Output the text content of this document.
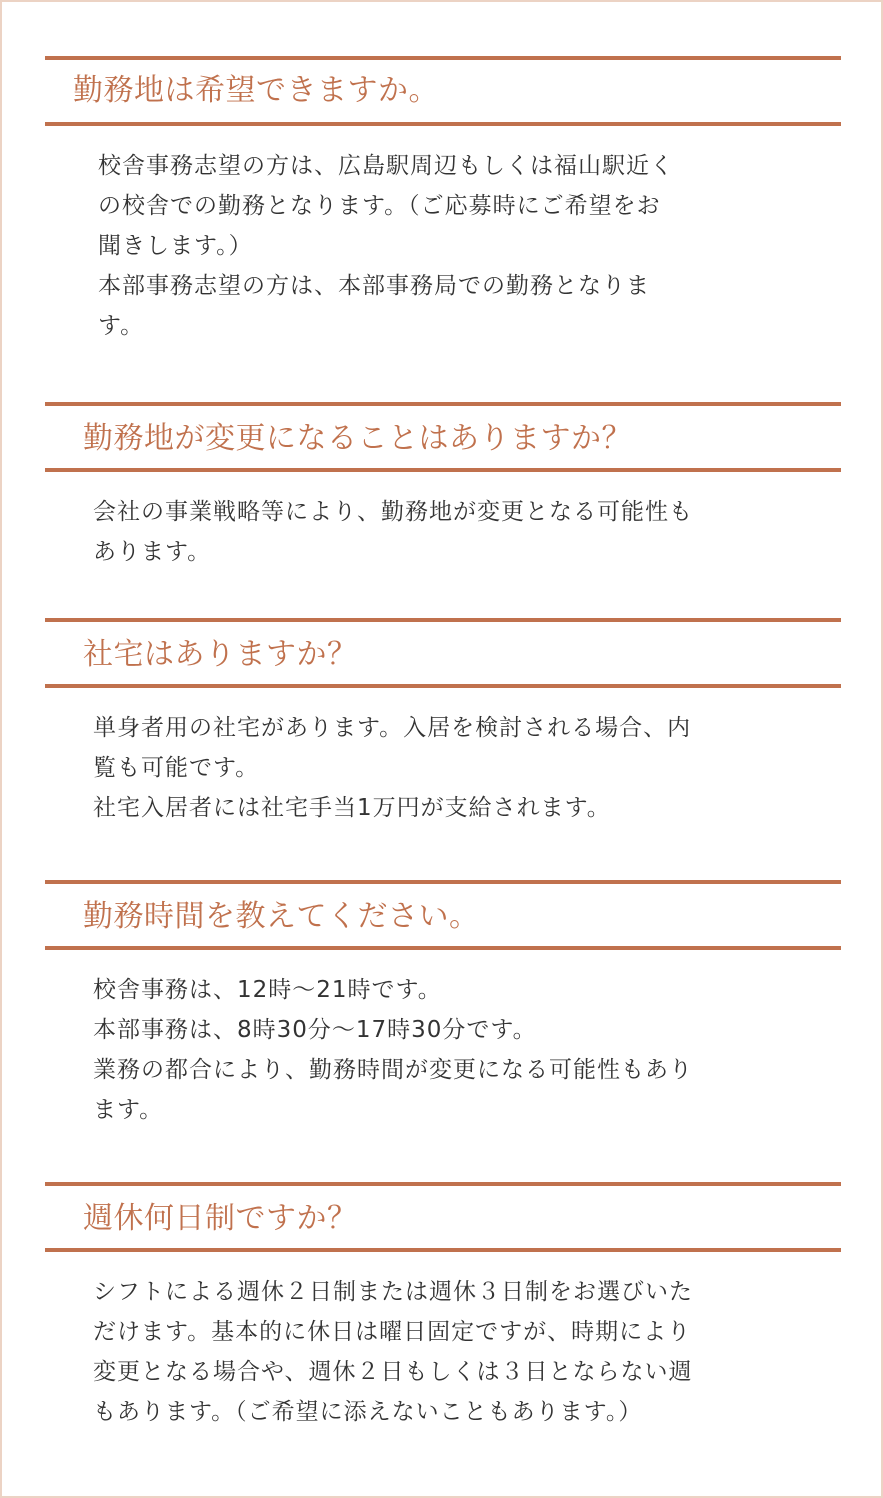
勤務地は希望できますか。
校舎事務志望の方は、広島駅周辺もしくは福山駅近く
の校舎での勤務となります。（ご応募時にご希望をお
聞きします。）
本部事務志望の方は、本部事務局での勤務となりま
す。
勤務地が変更になることはありますか？
会社の事業戦略等により、勤務地が変更となる可能性も
あります。
社宅はありますか？
単身者用の社宅があります。入居を検討される場合、内
覧も可能です。
社宅入居者には社宅手当1万円が支給されます。
勤務時間を教えてください。
校舎事務は、12時〜21時です。
本部事務は、8時30分〜17時30分です。
業務の都合により、勤務時間が変更になる可能性もあり
ます。
週休何日制ですか？
シフトによる週休２日制または週休３日制をお選びいた
だけます。基本的に休日は曜日固定ですが、時期により
変更となる場合や、週休２日もしくは３日とならない週
もあります。（ご希望に添えないこともあります。）
